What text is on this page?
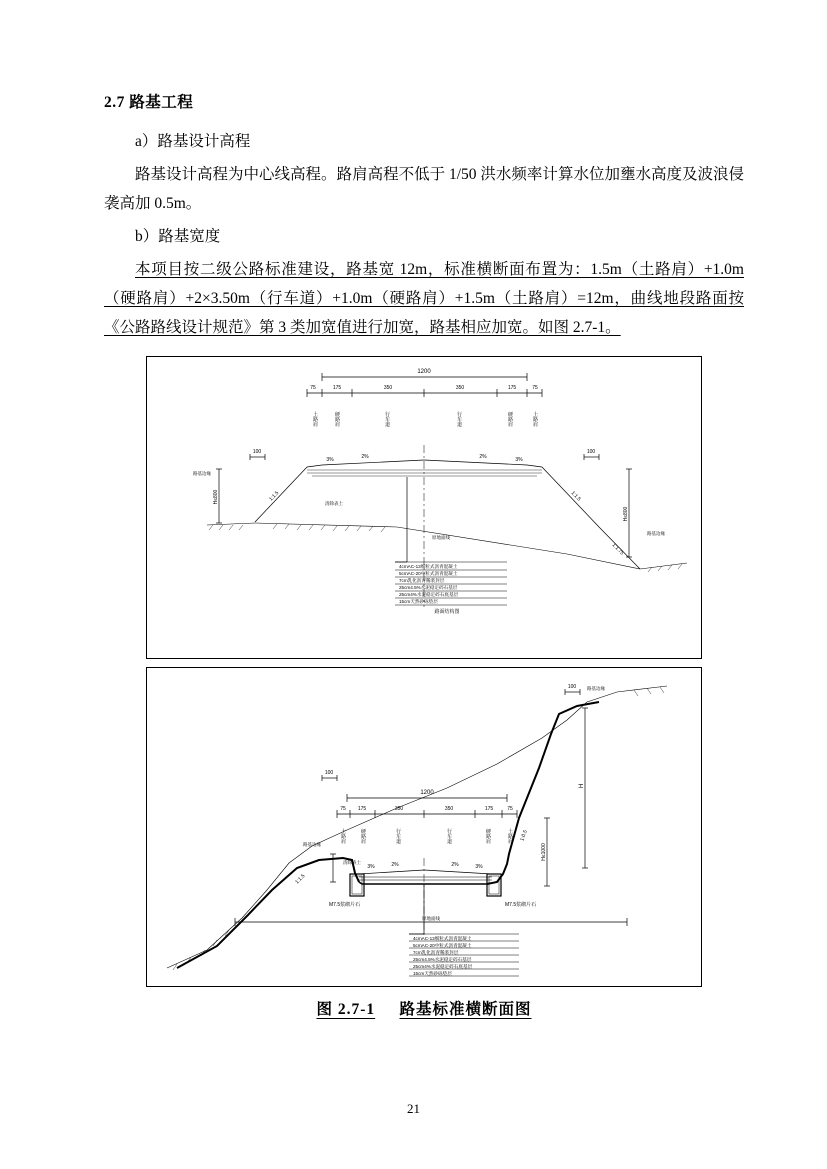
2.7 路基工程

a）路基设计高程

路基设计高程为中心线高程。路肩高程不低于 1/50 洪水频率计算水位加壅水高度及波浪侵袭高加 0.5m。

b）路基宽度

本项目按二级公路标准建设，路基宽 12m，标准横断面布置为：1.5m（土路肩）+1.0m（硬路肩）+2×3.50m（行车道）+1.0m（硬路肩）+1.5m（土路肩）=12m，曲线地段路面按《公路路线设计规范》第 3 类加宽值进行加宽，路基相应加宽。如图 2.7-1。

1200
75	175	350	350	175	75
土路肩	硬路肩	行车道	行车道	硬路肩	土路肩
100	100
H≤800
H≤800
3%	2%	2%	3%
1:1.5	1:1.5
1:1.75
路基边缘
路基边缘
清除表土
原地面线
4cmAC-13细粒式沥青混凝土
5cmAC-20中粒式沥青混凝土
7cm乳化沥青稀浆封层
25cm4.5%水泥稳定碎石基层
25cm4%水泥稳定碎石底基层
15cm天然砂砾垫层
路面结构图
1200
75 175	350	350	175	75
土路肩	硬路肩	行车道	行车道	硬路肩	土路肩
M7.5浆砌片石	M7.5浆砌片石
100
100
H
H≤1000
3%	2%	2%	3%
1:0.5
1:1.5
路基边缘
路基边缘
清除表土
原地面线
4cmAC-13细粒式沥青混凝土
5cmAC-20中粒式沥青混凝土
7cm乳化沥青稀浆封层
25cm4.5%水泥稳定碎石基层
25cm4%水泥稳定碎石底基层
15cm天然砂砾垫层
图 2.7-1 路基标准横断面图
21
